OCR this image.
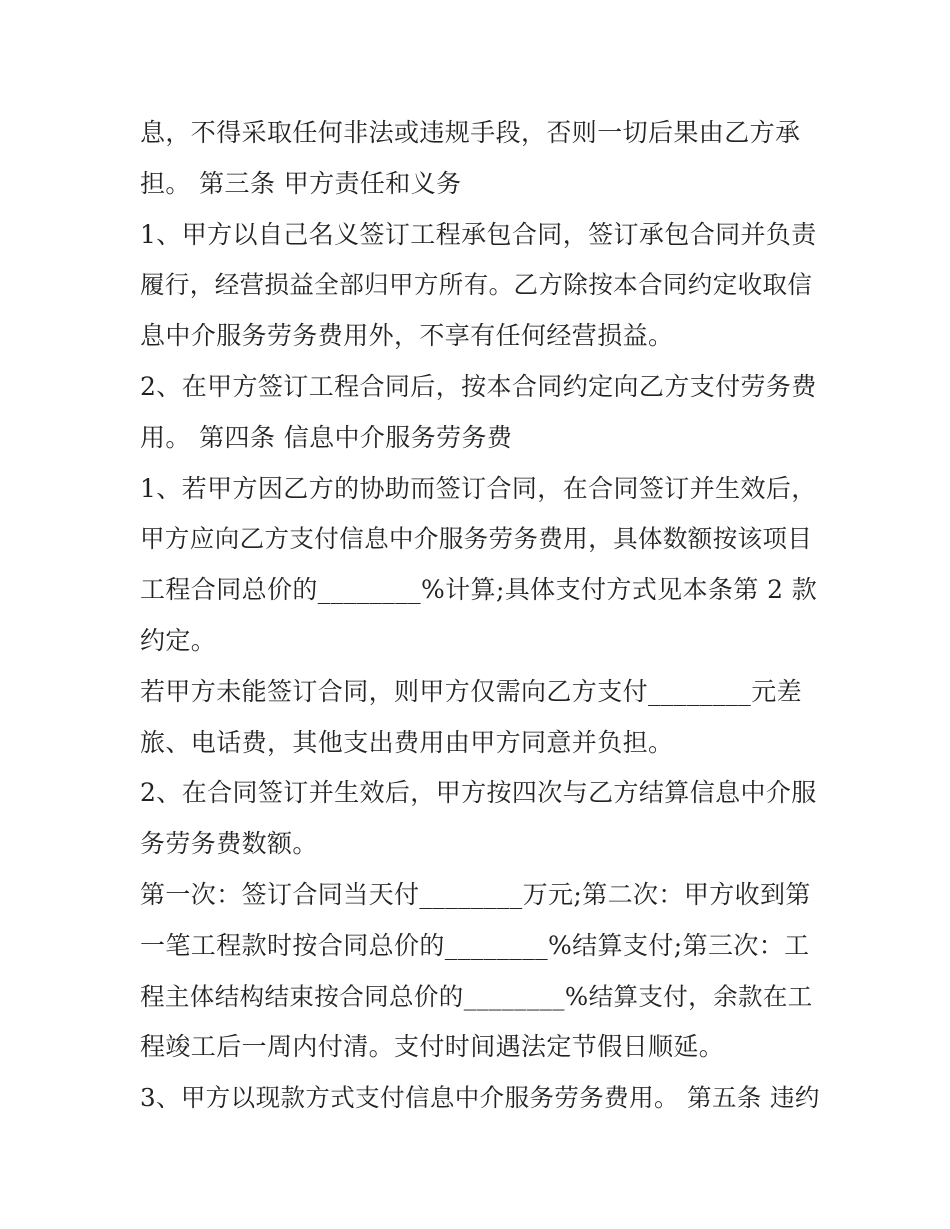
息，不得采取任何非法或违规手段，否则一切后果由乙方承
担。 第三条 甲方责任和义务
1、甲方以自己名义签订工程承包合同，签订承包合同并负责
履行，经营损益全部归甲方所有。乙方除按本合同约定收取信
息中介服务劳务费用外，不享有任何经营损益。
2、在甲方签订工程合同后，按本合同约定向乙方支付劳务费
用。 第四条 信息中介服务劳务费
1、若甲方因乙方的协助而签订合同，在合同签订并生效后，
甲方应向乙方支付信息中介服务劳务费用，具体数额按该项目
工程合同总价的________%计算;具体支付方式见本条第 2 款
约定。
若甲方未能签订合同，则甲方仅需向乙方支付________元差
旅、电话费，其他支出费用由甲方同意并负担。
2、在合同签订并生效后，甲方按四次与乙方结算信息中介服
务劳务费数额。
第一次：签订合同当天付________万元;第二次：甲方收到第
一笔工程款时按合同总价的________%结算支付;第三次：工
程主体结构结束按合同总价的________%结算支付，余款在工
程竣工后一周内付清。支付时间遇法定节假日顺延。
3、甲方以现款方式支付信息中介服务劳务费用。 第五条 违约
